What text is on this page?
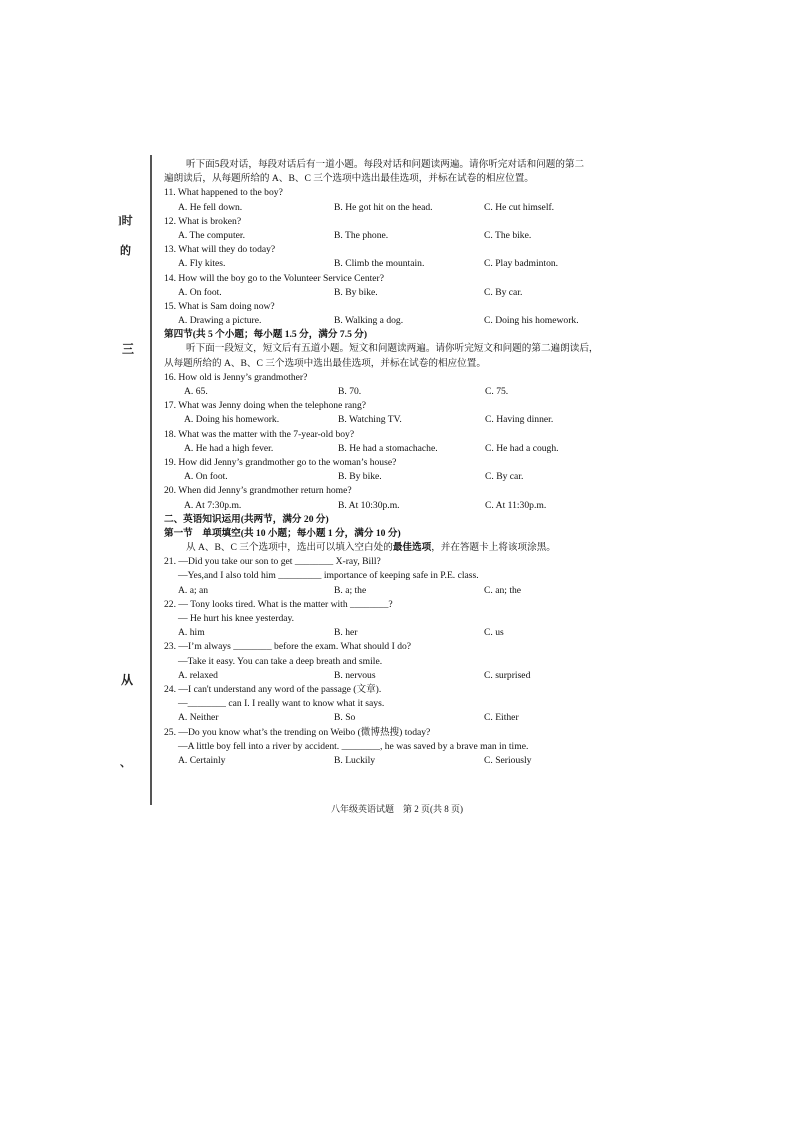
]时
的
三
从
、
听下面5段对话，每段对话后有一道小题。每段对话和问题读两遍。请你听完对话和问题的第二
遍朗读后，从每题所给的 A、B、C 三个选项中选出最佳选项，并标在试卷的相应位置。
11. What happened to the boy?
A. He fell down.	B. He got hit on the head.	C. He cut himself.
12. What is broken?
A. The computer.	B. The phone.	C. The bike.
13. What will they do today?
A. Fly kites.	B. Climb the mountain.	C. Play badminton.
14. How will the boy go to the Volunteer Service Center?
A. On foot.	B. By bike.	C. By car.
15. What is Sam doing now?
A. Drawing a picture.	B. Walking a dog.	C. Doing his homework.
第四节(共 5 个小题；每小题 1.5 分，满分 7.5 分)
听下面一段短文，短文后有五道小题。短文和问题读两遍。请你听完短文和问题的第二遍朗读后，
从每题所给的 A、B、C 三个选项中选出最佳选项，并标在试卷的相应位置。
16. How old is Jenny’s grandmother?
A. 65.	B. 70.	C. 75.
17. What was Jenny doing when the telephone rang?
A. Doing his homework.	B. Watching TV.	C. Having dinner.
18. What was the matter with the 7-year-old boy?
A. He had a high fever.	B. He had a stomachache.	C. He had a cough.
19. How did Jenny’s grandmother go to the woman’s house?
A. On foot.	B. By bike.	C. By car.
20. When did Jenny’s grandmother return home?
A. At 7:30p.m.	B. At 10:30p.m.	C. At 11:30p.m.
二、英语知识运用(共两节，满分 20 分)
第一节　单项填空(共 10 小题；每小题 1 分，满分 10 分)
从 A、B、C 三个选项中，选出可以填入空白处的最佳选项，并在答题卡上将该项涂黑。
21. —Did you take our son to get ________ X-ray, Bill?
—Yes,and I also told him _________ importance of keeping safe in P.E. class.
A. a; an	B. a; the	C. an; the
22. — Tony looks tired. What is the matter with ________?
— He hurt his knee yesterday.
A. him	B. her	C. us
23. —I’m always ________ before the exam. What should I do?
—Take it easy. You can take a deep breath and smile.
A. relaxed	B. nervous	C. surprised
24. —I can't understand any word of the passage (文章).
—________ can I. I really want to know what it says.
A. Neither	B. So	C. Either
25. —Do you know what’s the trending on Weibo (微博热搜) today?
—A little boy fell into a river by accident. ________, he was saved by a brave man in time.
A. Certainly	B. Luckily	C. Seriously
八年级英语试题　第 2 页(共 8 页)
